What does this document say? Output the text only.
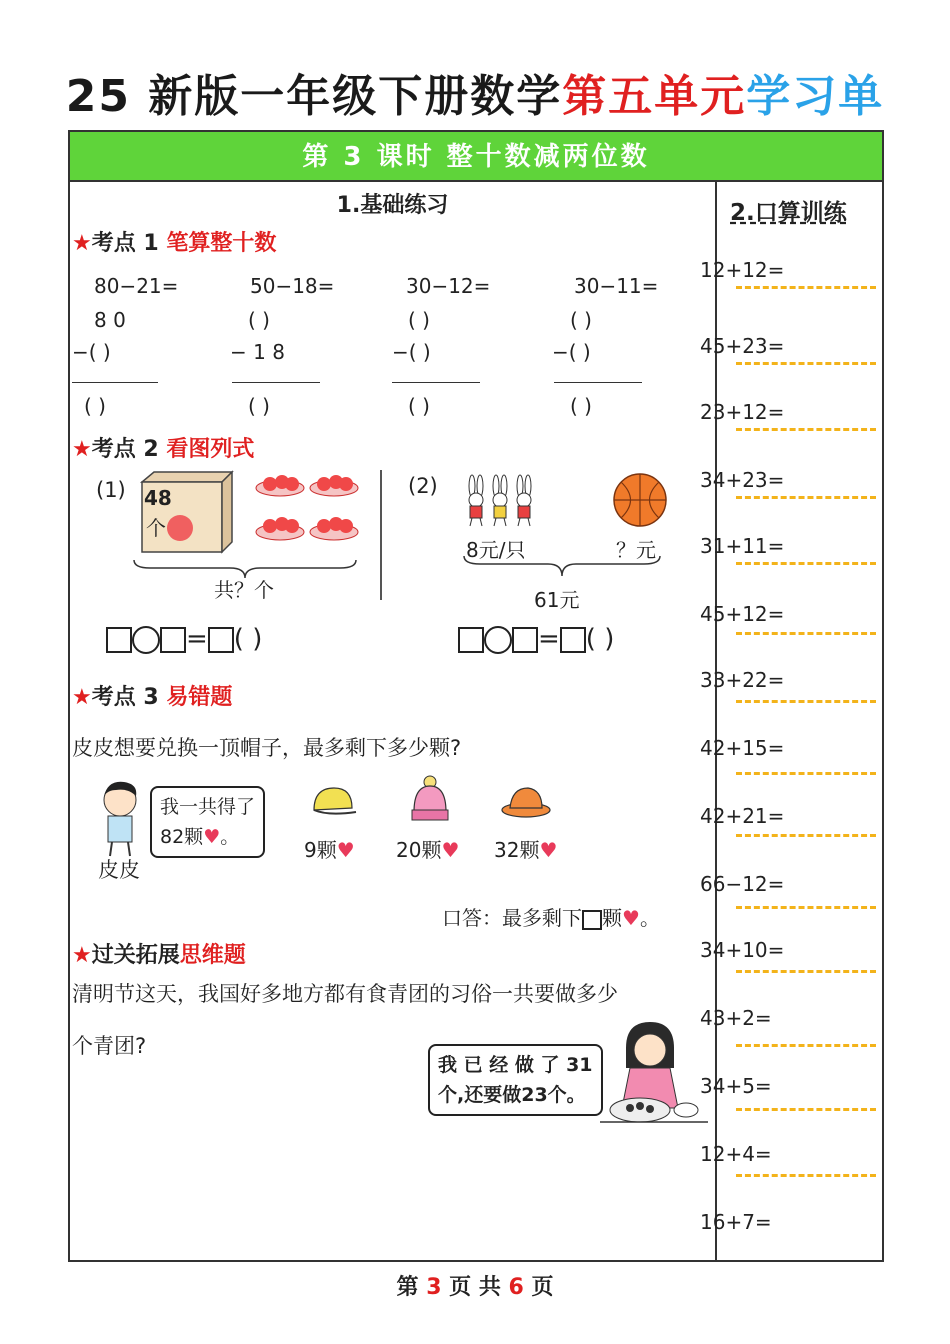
25 新版一年级下册数学第五单元学习单
第 3 课时 整十数减两位数
1.基础练习	2.口算训练
★考点 1 笔算整十数
80−21=
8 0
−( )
( )
50−18=
( )
− 1 8
( )
30−12=
( )
−( )
( )
30−11=
( )
−( )
( )
★考点 2 看图列式
(1) 48
个
共？个
(2)
8元/只	？元
61元
= ( )	= ( )
★考点 3 易错题
皮皮想要兑换一顶帽子，最多剩下多少颗?
皮皮
我一共得了
82颗♥。
9颗♥ 20颗♥ 32颗♥
口答：最多剩下 颗♥。
★过关拓展思维题
清明节这天，我国好多地方都有食青团的习俗一共要做多少
个青团?
我 已 经 做 了 31
个,还要做23个。
12+12=
45+23=
23+12=
34+23=
31+11=
45+12=
33+22=
42+15=
42+21=
66−12=
34+10=
43+2=
34+5=
12+4=
16+7=
第 3 页 共 6 页
